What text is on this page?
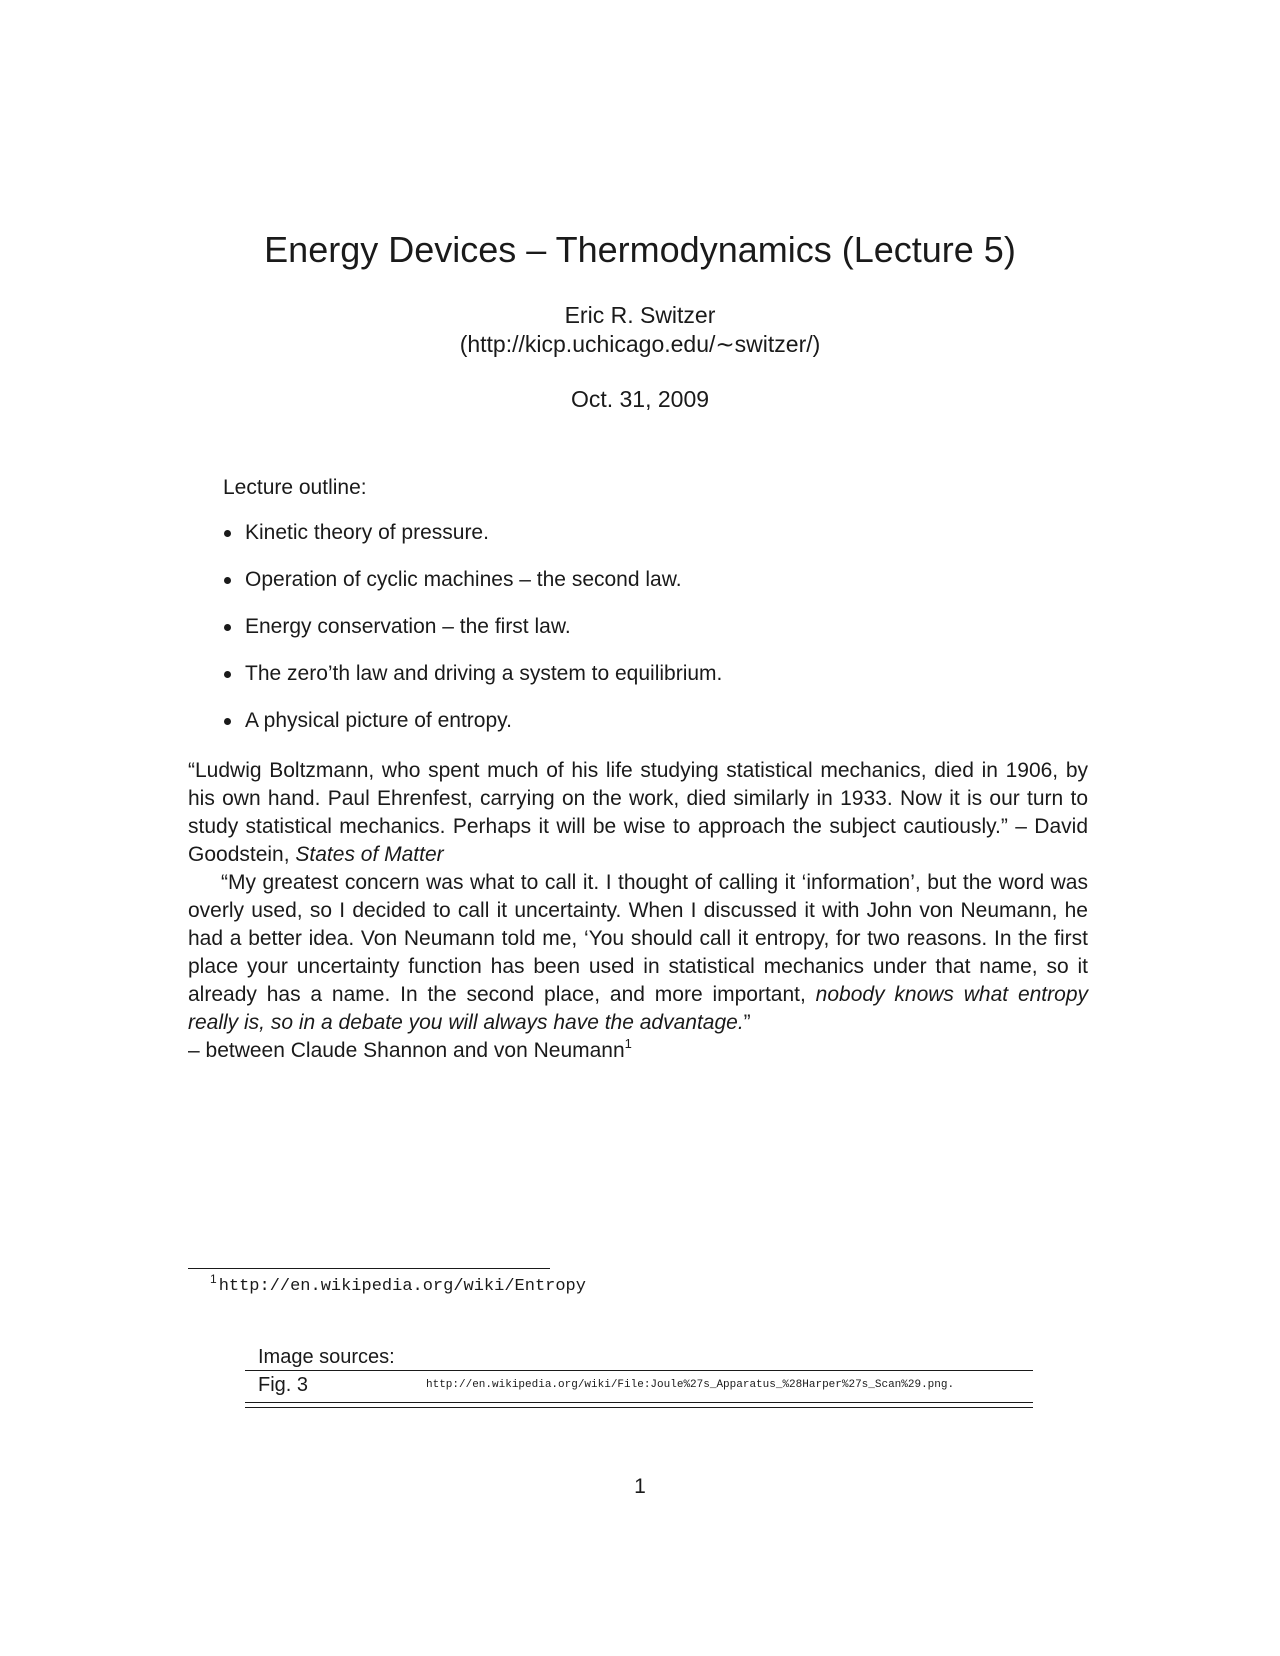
Energy Devices – Thermodynamics (Lecture 5)
Eric R. Switzer
(http://kicp.uchicago.edu/∼switzer/)
Oct. 31, 2009
Lecture outline:
Kinetic theory of pressure.
Operation of cyclic machines – the second law.
Energy conservation – the first law.
The zero’th law and driving a system to equilibrium.
A physical picture of entropy.
“Ludwig Boltzmann, who spent much of his life studying statistical mechanics, died in 1906, by his own hand. Paul Ehrenfest, carrying on the work, died similarly in 1933. Now it is our turn to study statistical mechanics. Perhaps it will be wise to approach the subject cautiously.” – David Goodstein, States of Matter
“My greatest concern was what to call it. I thought of calling it ‘information’, but the word was overly used, so I decided to call it uncertainty. When I discussed it with John von Neumann, he had a better idea. Von Neumann told me, ‘You should call it entropy, for two reasons. In the first place your uncertainty function has been used in statistical mechanics under that name, so it already has a name. In the second place, and more important, nobody knows what entropy really is, so in a debate you will always have the advantage.”
– between Claude Shannon and von Neumann$^1$
$^1$ http://en.wikipedia.org/wiki/Entropy
Image sources:
Fig. 3	http://en.wikipedia.org/wiki/File:Joule%27s_Apparatus_%28Harper%27s_Scan%29.png.
1
